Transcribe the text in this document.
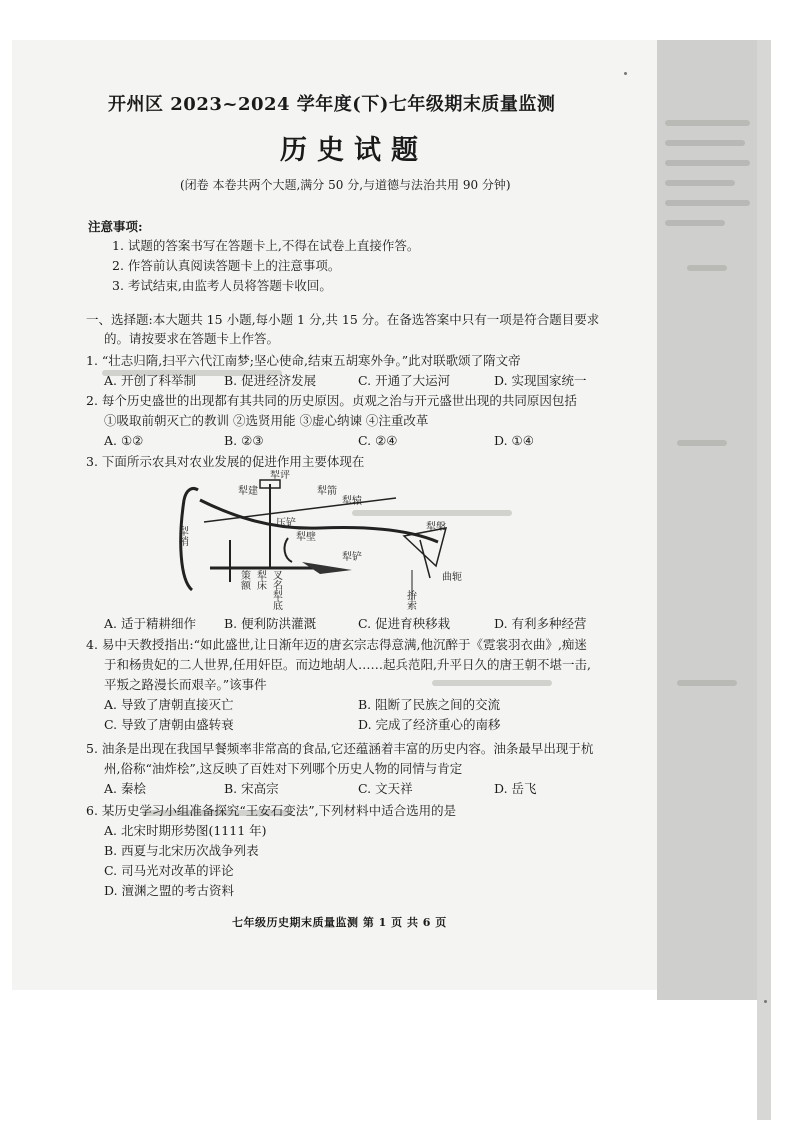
开州区 2023~2024 学年度(下)七年级期末质量监测
历史试题
(闭卷 本卷共两个大题,满分 50 分,与道德与法治共用 90 分钟)
注意事项:
1. 试题的答案书写在答题卡上,不得在试卷上直接作答。
2. 作答前认真阅读答题卡上的注意事项。
3. 考试结束,由监考人员将答题卡收回。
一、选择题:本大题共 15 小题,每小题 1 分,共 15 分。在备选答案中只有一项是符合题目要求
的。请按要求在答题卡上作答。
1. “壮志归隋,扫平六代江南梦;坚心使命,结束五胡寒外争。”此对联歌颂了隋文帝
A. 开创了科举制 B. 促进经济发展	C. 开通了大运河	D. 实现国家统一
2. 每个历史盛世的出现都有其共同的历史原因。贞观之治与开元盛世出现的共同原因包括
①吸取前朝灭亡的教训 ②选贤用能 ③虚心纳谏 ④注重改革
A. ①②	B. ②③	C. ②④	D. ①④
3. 下面所示农具对农业发展的促进作用主要体现在
犁评
犁建	犁箭
犁辕
犁梢
压铲
犁壁
犁铲
犁槃
曲轭
拚索
策额 犁床 叉名犁底
A. 适于精耕细作 B. 便利防洪灌溉	C. 促进育秧移栽	D. 有利多种经营
4. 易中天教授指出:“如此盛世,让日渐年迈的唐玄宗志得意满,他沉醉于《霓裳羽衣曲》,痴迷
于和杨贵妃的二人世界,任用奸臣。而边地胡人……起兵范阳,升平日久的唐王朝不堪一击,
平叛之路漫长而艰辛。”该事件
A. 导致了唐朝直接灭亡	B. 阻断了民族之间的交流
C. 导致了唐朝由盛转衰	D. 完成了经济重心的南移
5. 油条是出现在我国早餐频率非常高的食品,它还蕴涵着丰富的历史内容。油条最早出现于杭
州,俗称“油炸桧”,这反映了百姓对下列哪个历史人物的同情与肯定
A. 秦桧	B. 宋高宗	C. 文天祥	D. 岳飞
6. 某历史学习小组准备探究“王安石变法”,下列材料中适合选用的是
A. 北宋时期形势图(1111 年)
B. 西夏与北宋历次战争列表
C. 司马光对改革的评论
D. 澶渊之盟的考古资料
七年级历史期末质量监测 第 1 页 共 6 页
